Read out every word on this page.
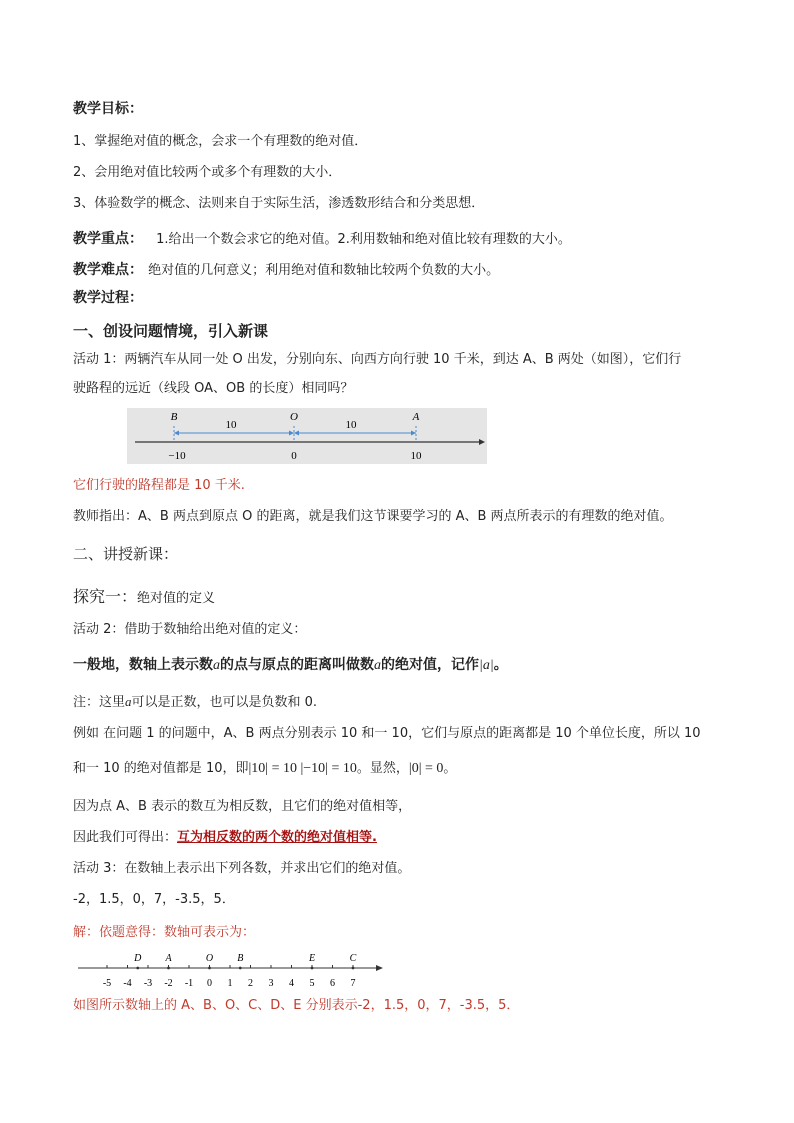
教学目标：
1、掌握绝对值的概念，会求一个有理数的绝对值．
2、会用绝对值比较两个或多个有理数的大小．
3、体验数学的概念、法则来自于实际生活，渗透数形结合和分类思想．
教学重点： 1.给出一个数会求它的绝对值。2.利用数轴和绝对值比较有理数的大小。
教学难点： 绝对值的几何意义；利用绝对值和数轴比较两个负数的大小。
教学过程：
一、创设问题情境，引入新课
活动 1：两辆汽车从同一处 O 出发，分别向东、向西方向行驶 10 千米，到达 A、B 两处（如图），它们行
驶路程的远近（线段 OA、OB 的长度）相同吗？
B	O	A
10	10
−10	0	10
它们行驶的路程都是 10 千米.
教师指出：A、B 两点到原点 O 的距离，就是我们这节课要学习的 A、B 两点所表示的有理数的绝对值。
二、讲授新课：
探究一：绝对值的定义
活动 2：借助于数轴给出绝对值的定义：
一般地，数轴上表示数a的点与原点的距离叫做数a的绝对值，记作|a|。
注：这里a可以是正数，也可以是负数和 0.
例如 在问题 1 的问题中，A、B 两点分别表示 10 和一 10，它们与原点的距离都是 10 个单位长度，所以 10
和一 10 的绝对值都是 10，即|10| = 10 |−10| = 10。显然，|0| = 0。
因为点 A、B 表示的数互为相反数，且它们的绝对值相等，
因此我们可得出：互为相反数的两个数的绝对值相等.
活动 3：在数轴上表示出下列各数，并求出它们的绝对值。
-2，1.5，0，7，-3.5，5．
解：依题意得：数轴可表示为：
-5 -4 -3 -2 -1 0 1 2 3 4 5 6 7
D A	O B	E	C
如图所示数轴上的 A、B、O、C、D、E 分别表示-2，1.5，0，7，-3.5，5．
